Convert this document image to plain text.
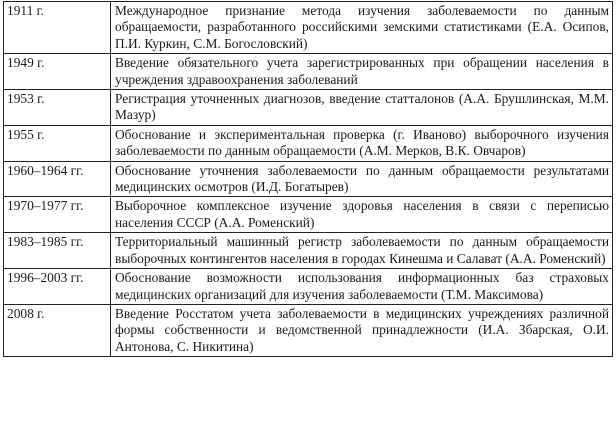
1911 г.	Международное признание метода изучения заболеваемости по данным обращаемости, разработанного российскими земскими статистиками (Е.А. Осипов, П.И. Куркин, С.М. Богословский)
1949 г.	Введение обязательного учета зарегистрированных при обращении населения в учреждения здравоохранения заболеваний
1953 г.	Регистрация уточненных диагнозов, введение статталонов (А.А. Брушлинская, М.М. Мазур)
1955 г.	Обоснование и экспериментальная проверка (г. Иваново) выборочного изучения заболеваемости по данным обращаемости (А.М. Мерков, В.К. Овчаров)
1960–1964 гг.	Обоснование уточнения заболеваемости по данным обращаемости результатами медицинских осмотров (И.Д. Богатырев)
1970–1977 гг.	Выборочное комплексное изучение здоровья населения в связи с переписью населения СССР (А.А. Роменский)
1983–1985 гг.	Территориальный машинный регистр заболеваемости по данным обращаемости выборочных контингентов населения в городах Кинешма и Салават (А.А. Роменский)
1996–2003 гг.	Обоснование возможности использования информационных баз страховых медицинских организаций для изучения заболеваемости (Т.М. Максимова)
2008 г.	Введение Росстатом учета заболеваемости в медицинских учреждениях различной формы собственности и ведомственной принадлежности (И.А. Збарская, О.И. Антонова, С. Никитина)
